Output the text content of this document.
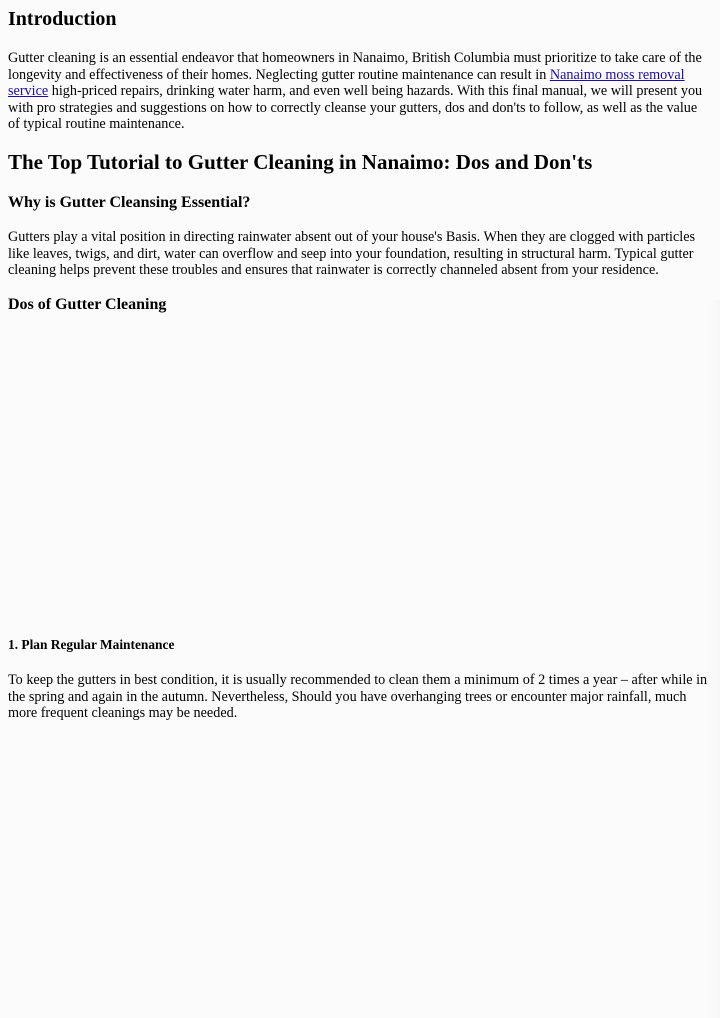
Introduction

Gutter cleaning is an essential endeavor that homeowners in Nanaimo, British Columbia must prioritize to take care of the longevity and effectiveness of their homes. Neglecting gutter routine maintenance can result in Nanaimo moss removal service high-priced repairs, drinking water harm, and even well being hazards. With this final manual, we will present you with pro strategies and suggestions on how to correctly cleanse your gutters, dos and don'ts to follow, as well as the value of typical routine maintenance.

The Top Tutorial to Gutter Cleaning in Nanaimo: Dos and Don'ts
Why is Gutter Cleansing Essential?

Gutters play a vital position in directing rainwater absent out of your house's Basis. When they are clogged with particles like leaves, twigs, and dirt, water can overflow and seep into your foundation, resulting in structural harm. Typical gutter cleaning helps prevent these troubles and ensures that rainwater is correctly channeled absent from your residence.

Dos of Gutter Cleaning
1. Plan Regular Maintenance

To keep the gutters in best condition, it is usually recommended to clean them a minimum of 2 times a year – after while in the spring and again in the autumn. Nevertheless, Should you have overhanging trees or encounter major rainfall, much more frequent cleanings may be needed.
